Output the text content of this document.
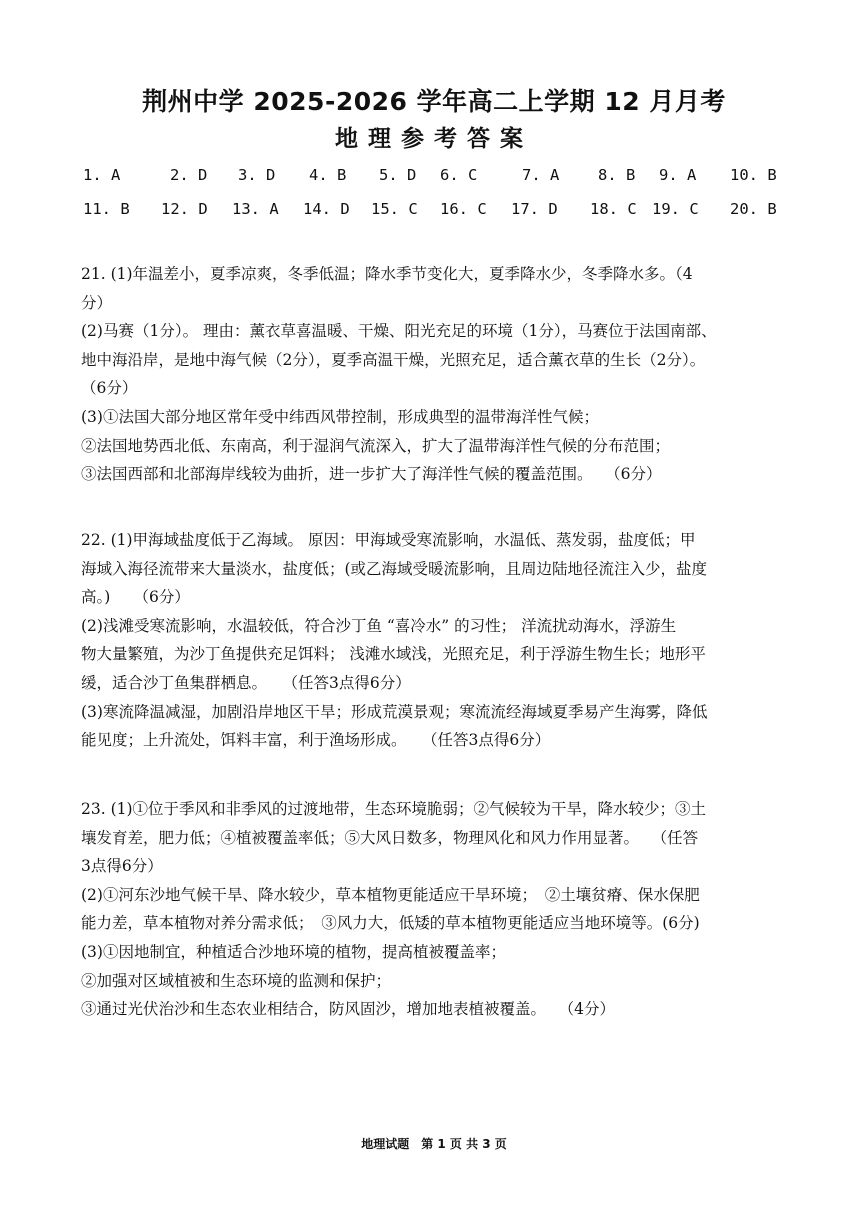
荆州中学 2025-2026 学年高二上学期 12 月月考
地理参考答案
1. A	2. D 3. D 4. B 5. D 6. C	7. A 8. B 9. A 10. B
11. B 12. D 13. A 14. D 15. C 16. C 17. D 18. C 19. C 20. B

21. (1)年温差小，夏季凉爽，冬季低温；降水季节变化大，夏季降水少，冬季降水多。（4

分）

(2)马赛（1分）。 理由：薰衣草喜温暖、干燥、阳光充足的环境（1分），马赛位于法国南部、

地中海沿岸，是地中海气候（2分），夏季高温干燥，光照充足，适合薰衣草的生长（2分）。

（6分）

(3)①法国大部分地区常年受中纬西风带控制，形成典型的温带海洋性气候；

②法国地势西北低、东南高，利于湿润气流深入，扩大了温带海洋性气候的分布范围；

③法国西部和北部海岸线较为曲折，进一步扩大了海洋性气候的覆盖范围。　 （6分）

22. (1)甲海域盐度低于乙海域。 原因：甲海域受寒流影响，水温低、蒸发弱，盐度低；甲

海域入海径流带来大量淡水，盐度低；(或乙海域受暖流影响，且周边陆地径流注入少，盐度

高。)　　（6分）

(2)浅滩受寒流影响，水温较低，符合沙丁鱼 “喜冷水” 的习性； 洋流扰动海水，浮游生

物大量繁殖，为沙丁鱼提供充足饵料； 浅滩水域浅，光照充足，利于浮游生物生长；地形平

缓，适合沙丁鱼集群栖息。　　（任答3点得6分）

(3)寒流降温减湿，加剧沿岸地区干旱；形成荒漠景观；寒流流经海域夏季易产生海雾，降低

能见度；上升流处，饵料丰富，利于渔场形成。　　（任答3点得6分）

23. (1)①位于季风和非季风的过渡地带，生态环境脆弱；②气候较为干旱，降水较少；③土

壤发育差，肥力低；④植被覆盖率低；⑤大风日数多，物理风化和风力作用显著。　 （任答

3点得6分）

(2)①河东沙地气候干旱、降水较少，草本植物更能适应干旱环境；　②土壤贫瘠、保水保肥

能力差，草本植物对养分需求低；　③风力大，低矮的草本植物更能适应当地环境等。(6分)

(3)①因地制宜，种植适合沙地环境的植物，提高植被覆盖率；

②加强对区域植被和生态环境的监测和保护；

③通过光伏治沙和生态农业相结合，防风固沙，增加地表植被覆盖。　 （4分）

地理试题　第 1 页 共 3 页
